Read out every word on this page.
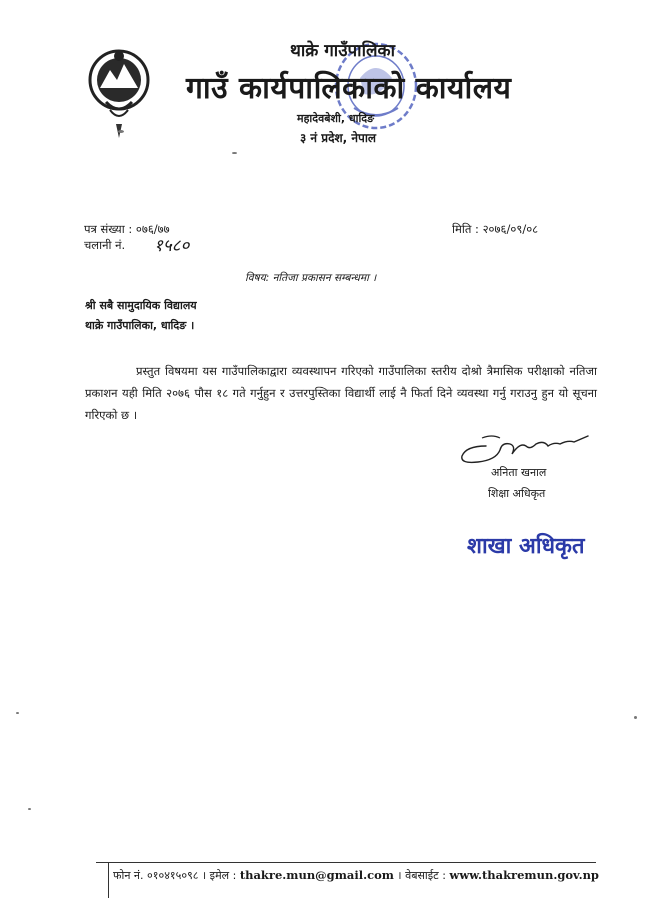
थाक्रे गाउँपालिका
गाउँ कार्यपालिकाको कार्यालय
महादेवबेशी, धादिङ
३ नं प्रदेश, नेपाल
पत्र संख्या : ०७६/७७
चलानी नं. १५८०
मिति : २०७६/०९/०८
विषय: नतिजा प्रकासन सम्बन्धमा ।
श्री सबै सामुदायिक विद्यालय
थाक्रे गाउँपालिका, धादिङ ।
प्रस्तुत विषयमा यस गाउँपालिकाद्वारा व्यवस्थापन गरिएको गाउँपालिका स्तरीय दोश्रो त्रैमासिक परीक्षाको नतिजा प्रकाशन यही मिति २०७६ पौस १८ गते गर्नुहुन र उत्तरपुस्तिका विद्यार्थी लाई नै फिर्ता दिने व्यवस्था गर्नु गराउनु हुन यो सूचना गरिएको छ ।
अनिता खनाल
शिक्षा अधिकृत
शाखा अधिकृत
फोन नं. ०१०४१५०९८ । इमेल : thakre.mun@gmail.com । वेबसाईट : www.thakremun.gov.np
